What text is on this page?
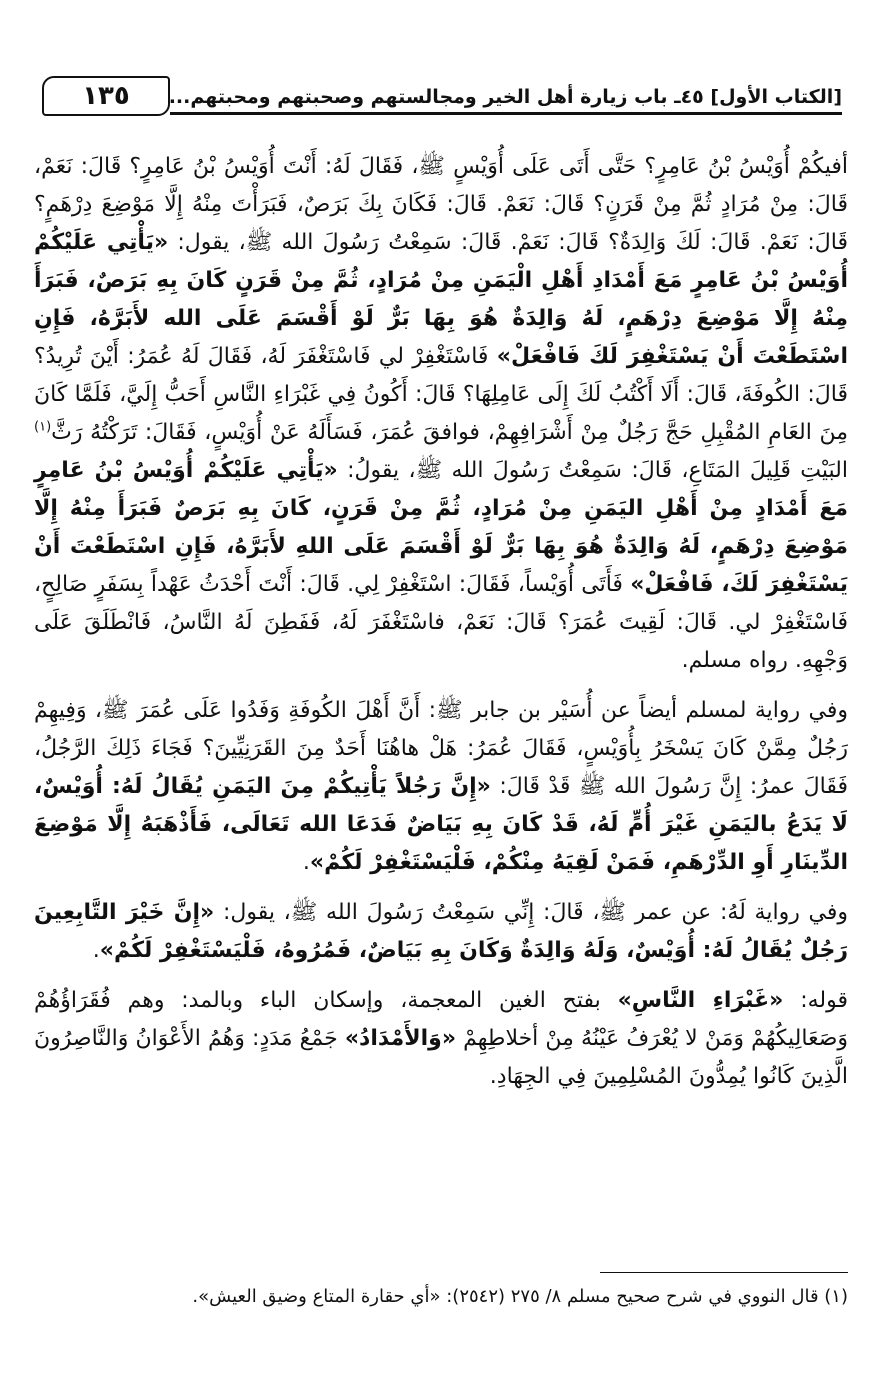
١٣٥	[الكتاب الأول] ٤٥ـ باب زيارة أهل الخير ومجالستهم وصحبتهم ومحبتهم...

أفيكُمْ أُوَيْسُ بْنُ عَامِرٍ؟ حَتَّى أَتَى عَلَى أُوَيْسٍ ﷺ، فَقَالَ لَهُ: أَنْتَ أُوَيْسُ بْنُ عَامِرٍ؟ قَالَ: نَعَمْ، قَالَ: مِنْ مُرَادٍ ثُمَّ مِنْ قَرَنٍ؟ قَالَ: نَعَمْ. قَالَ: فَكَانَ بِكَ بَرَصٌ، فَبَرَأْتَ مِنْهُ إِلَّا مَوْضِعَ دِرْهَمٍ؟ قَالَ: نَعَمْ. قَالَ: لَكَ وَالِدَةٌ؟ قَالَ: نَعَمْ. قَالَ: سَمِعْتُ رَسُولَ الله ﷺ، يقول: «يَأْتِي عَلَيْكُمْ أُوَيْسُ بْنُ عَامِرٍ مَعَ أَمْدَادِ أَهْلِ الْيَمَنِ مِنْ مُرَادٍ، ثُمَّ مِنْ قَرَنٍ كَانَ بِهِ بَرَصٌ، فَبَرَأَ مِنْهُ إِلَّا مَوْضِعَ دِرْهَمٍ، لَهُ وَالِدَةٌ هُوَ بِهَا بَرٌّ لَوْ أَقْسَمَ عَلَى الله لأَبَرَّهُ، فَإِنِ اسْتَطَعْتَ أَنْ يَسْتَغْفِرَ لَكَ فَافْعَلْ» فَاسْتَغْفِرْ لي فَاسْتَغْفَرَ لَهُ، فَقَالَ لَهُ عُمَرُ: أَيْنَ تُرِيدُ؟ قَالَ: الكُوفَةَ، قَالَ: أَلَا أَكْتُبُ لَكَ إِلَى عَامِلِهَا؟ قَالَ: أَكُونُ فِي غَبْرَاءِ النَّاسِ أَحَبُّ إِلَيَّ، فَلَمَّا كَانَ مِنَ العَامِ المُقْبِلِ حَجَّ رَجُلٌ مِنْ أَشْرَافِهِمْ، فوافقَ عُمَرَ، فَسَأَلَهُ عَنْ أُوَيْسٍ، فَقَالَ: تَرَكْتُهُ رَثَّ$^{(١)}$ البَيْتِ قَلِيلَ المَتَاعِ، قَالَ: سَمِعْتُ رَسُولَ الله ﷺ، يقولُ: «يَأْتِي عَلَيْكُمْ أُوَيْسُ بْنُ عَامِرٍ مَعَ أَمْدَادٍ مِنْ أَهْلِ اليَمَنِ مِنْ مُرَادٍ، ثُمَّ مِنْ قَرَنٍ، كَانَ بِهِ بَرَصٌ فَبَرَأَ مِنْهُ إِلَّا مَوْضِعَ دِرْهَمٍ، لَهُ وَالِدَةٌ هُوَ بِهَا بَرٌّ لَوْ أَقْسَمَ عَلَى اللهِ لأَبَرَّهُ، فَإِنِ اسْتَطَعْتَ أَنْ يَسْتَغْفِرَ لَكَ، فَافْعَلْ» فَأَتَى أُوَيْساً، فَقَالَ: اسْتَغْفِرْ لِي. قَالَ: أَنْتَ أَحْدَثُ عَهْداً بِسَفَرٍ صَالِحٍ، فَاسْتَغْفِرْ لي. قَالَ: لَقِيتَ عُمَرَ؟ قَالَ: نَعَمْ، فاسْتَغْفَرَ لَهُ، فَفَطِنَ لَهُ النَّاسُ، فَانْطَلَقَ عَلَى وَجْهِهِ. رواه مسلم.

وفي رواية لمسلم أيضاً عن أُسَيْر بن جابر ﷺ: أَنَّ أَهْلَ الكُوفَةِ وَفَدُوا عَلَى عُمَرَ ﷺ، وَفِيهِمْ رَجُلٌ مِمَّنْ كَانَ يَسْخَرُ بِأُوَيْسٍ، فَقَالَ عُمَرُ: هَلْ هاهُنَا أَحَدٌ مِنَ القَرَنِيِّينَ؟ فَجَاءَ ذَلِكَ الرَّجُلُ، فَقَالَ عمرُ: إِنَّ رَسُولَ الله ﷺ قَدْ قَالَ: «إِنَّ رَجُلاً يَأْتِيكُمْ مِنَ اليَمَنِ يُقَالُ لَهُ: أُوَيْسٌ، لَا يَدَعُ باليَمَنِ غَيْرَ أُمٍّ لَهُ، قَدْ كَانَ بِهِ بَيَاضٌ فَدَعَا الله تَعَالَى، فَأَذْهَبَهُ إِلَّا مَوْضِعَ الدِّينَارِ أَوِ الدِّرْهَمِ، فَمَنْ لَقِيَهُ مِنْكُمْ، فَلْيَسْتَغْفِرْ لَكُمْ».

وفي رواية لَهُ: عن عمر ﷺ، قَالَ: إِنِّي سَمِعْتُ رَسُولَ الله ﷺ، يقول: «إِنَّ خَيْرَ التَّابِعِينَ رَجُلٌ يُقَالُ لَهُ: أُوَيْسٌ، وَلَهُ وَالِدَةٌ وَكَانَ بِهِ بَيَاضٌ، فَمُرُوهُ، فَلْيَسْتَغْفِرْ لَكُمْ».

قوله: «غَبْرَاءِ النَّاسِ» بفتح الغين المعجمة، وإسكان الباء وبالمد: وهم فُقَرَاؤُهُمْ وَصَعَالِيكُهُمْ وَمَنْ لا يُعْرَفُ عَيْنُهُ مِنْ أخلاطِهِمْ «وَالأَمْدَادُ» جَمْعُ مَدَدٍ: وَهُمُ الأَعْوَانُ وَالنَّاصِرُونَ الَّذِينَ كَانُوا يُمِدُّونَ المُسْلِمِينَ فِي الجِهَادِ.

(١) قال النووي في شرح صحيح مسلم ٨/ ٢٧٥ (٢٥٤٢): «أي حقارة المتاع وضيق العيش».
